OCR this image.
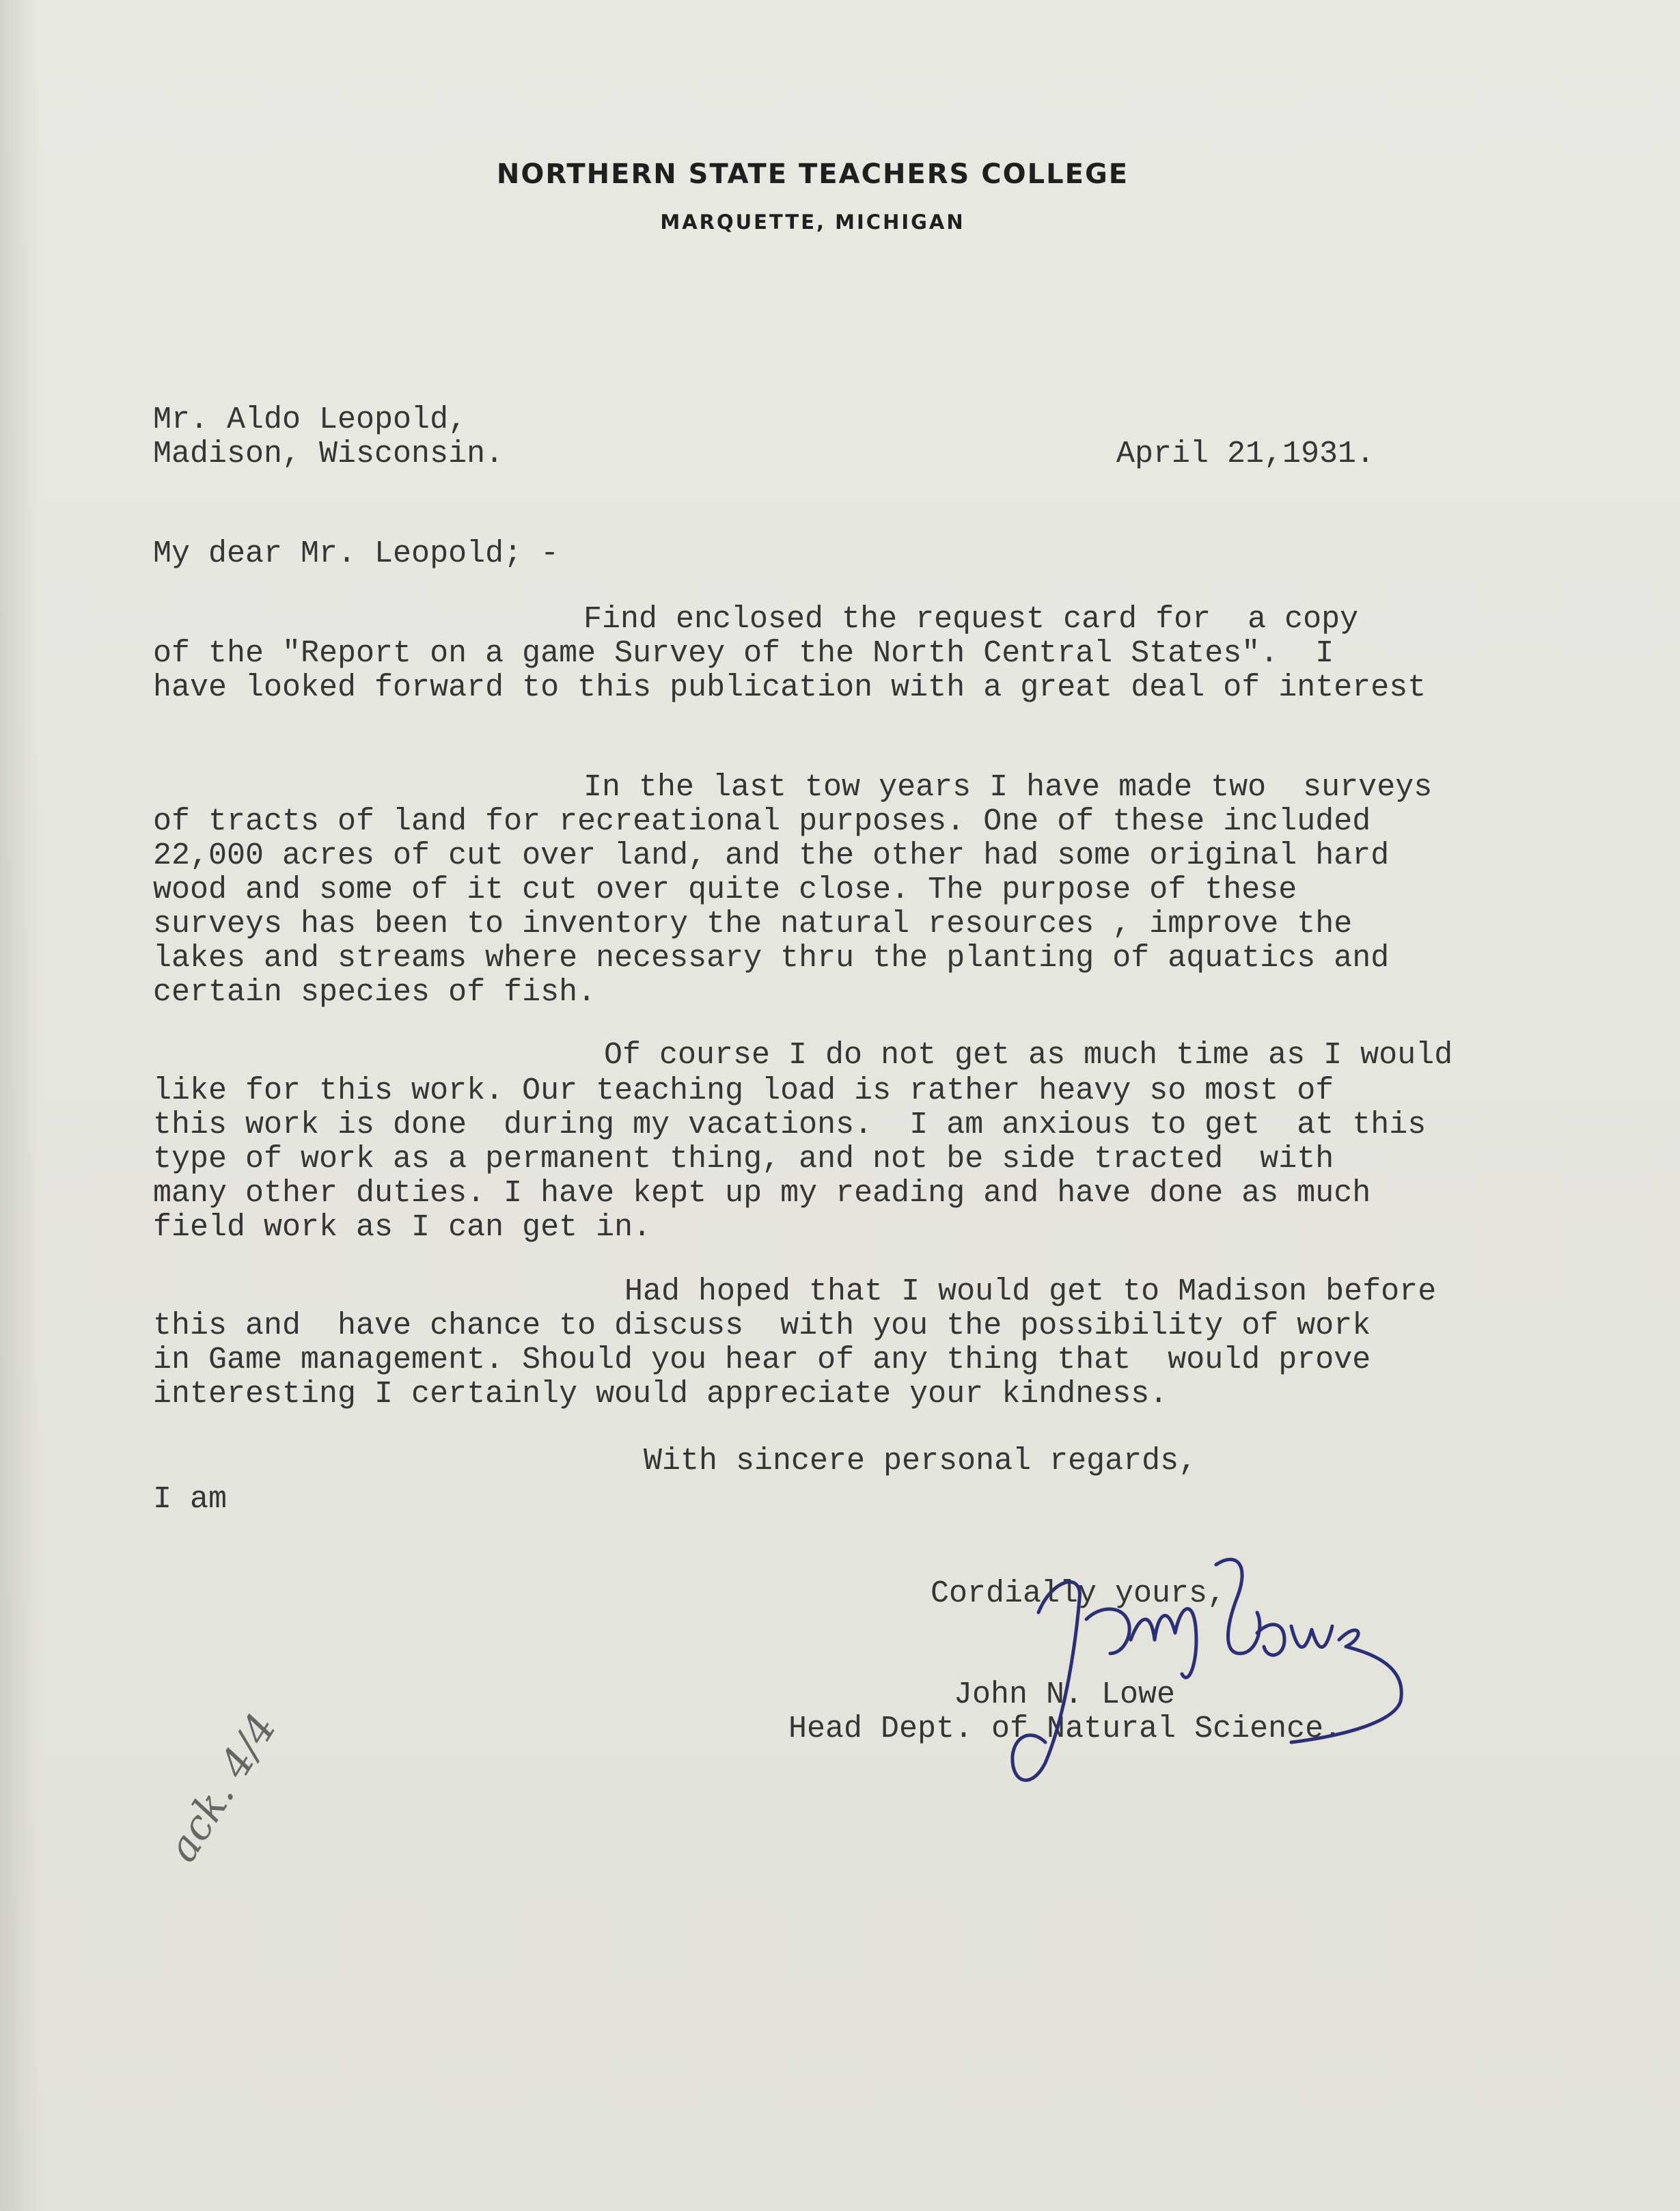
NORTHERN STATE TEACHERS COLLEGE
MARQUETTE, MICHIGAN
Mr. Aldo Leopold,
Madison, Wisconsin.	April 21,1931.
My dear Mr. Leopold; -
Find enclosed the request card for  a copy
of the "Report on a game Survey of the North Central States".  I
have looked forward to this publication with a great deal of interest
In the last tow years I have made two  surveys
of tracts of land for recreational purposes. One of these included
22,000 acres of cut over land, and the other had some original hard
wood and some of it cut over quite close. The purpose of these
surveys has been to inventory the natural resources , improve the
lakes and streams where necessary thru the planting of aquatics and
certain species of fish.
Of course I do not get as much time as I would
like for this work. Our teaching load is rather heavy so most of
this work is done  during my vacations.  I am anxious to get  at this
type of work as a permanent thing, and not be side tracted  with
many other duties. I have kept up my reading and have done as much
field work as I can get in.
Had hoped that I would get to Madison before
this and  have chance to discuss  with you the possibility of work
in Game management. Should you hear of any thing that  would prove
interesting I certainly would appreciate your kindness.
With sincere personal regards,
I am
Cordially yours,
John N. Lowe
Head Dept. of Natural Science.
ack. 4/4
